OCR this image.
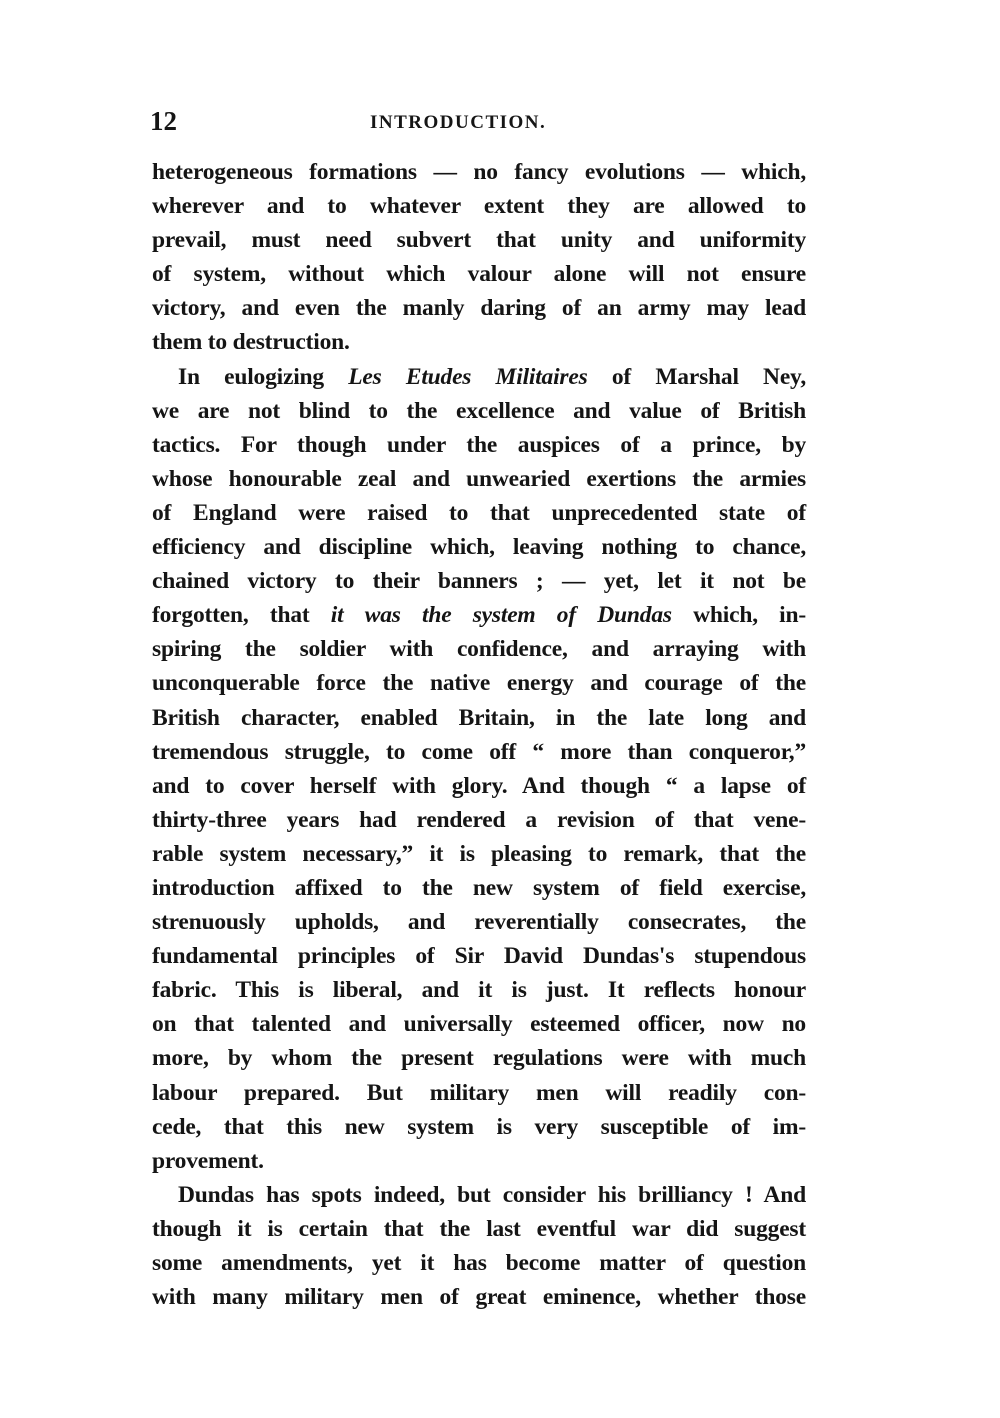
12	INTRODUCTION.
heterogeneous formations — no fancy evolutions — which,
wherever and to whatever extent they are allowed to
prevail, must need subvert that unity and uniformity
of system, without which valour alone will not ensure
victory, and even the manly daring of an army may lead
them to destruction.
In eulogizing Les Etudes Militaires of Marshal Ney,
we are not blind to the excellence and value of British
tactics. For though under the auspices of a prince, by
whose honourable zeal and unwearied exertions the armies
of England were raised to that unprecedented state of
efficiency and discipline which, leaving nothing to chance,
chained victory to their banners ; — yet, let it not be
forgotten, that it was the system of Dundas which, in-
spiring the soldier with confidence, and arraying with
unconquerable force the native energy and courage of the
British character, enabled Britain, in the late long and
tremendous struggle, to come off “ more than conqueror,”
and to cover herself with glory. And though “ a lapse of
thirty-three years had rendered a revision of that vene-
rable system necessary,” it is pleasing to remark, that the
introduction affixed to the new system of field exercise,
strenuously upholds, and reverentially consecrates, the
fundamental principles of Sir David Dundas's stupendous
fabric. This is liberal, and it is just. It reflects honour
on that talented and universally esteemed officer, now no
more, by whom the present regulations were with much
labour prepared. But military men will readily con-
cede, that this new system is very susceptible of im-
provement.
Dundas has spots indeed, but consider his brilliancy ! And
though it is certain that the last eventful war did suggest
some amendments, yet it has become matter of question
with many military men of great eminence, whether those
